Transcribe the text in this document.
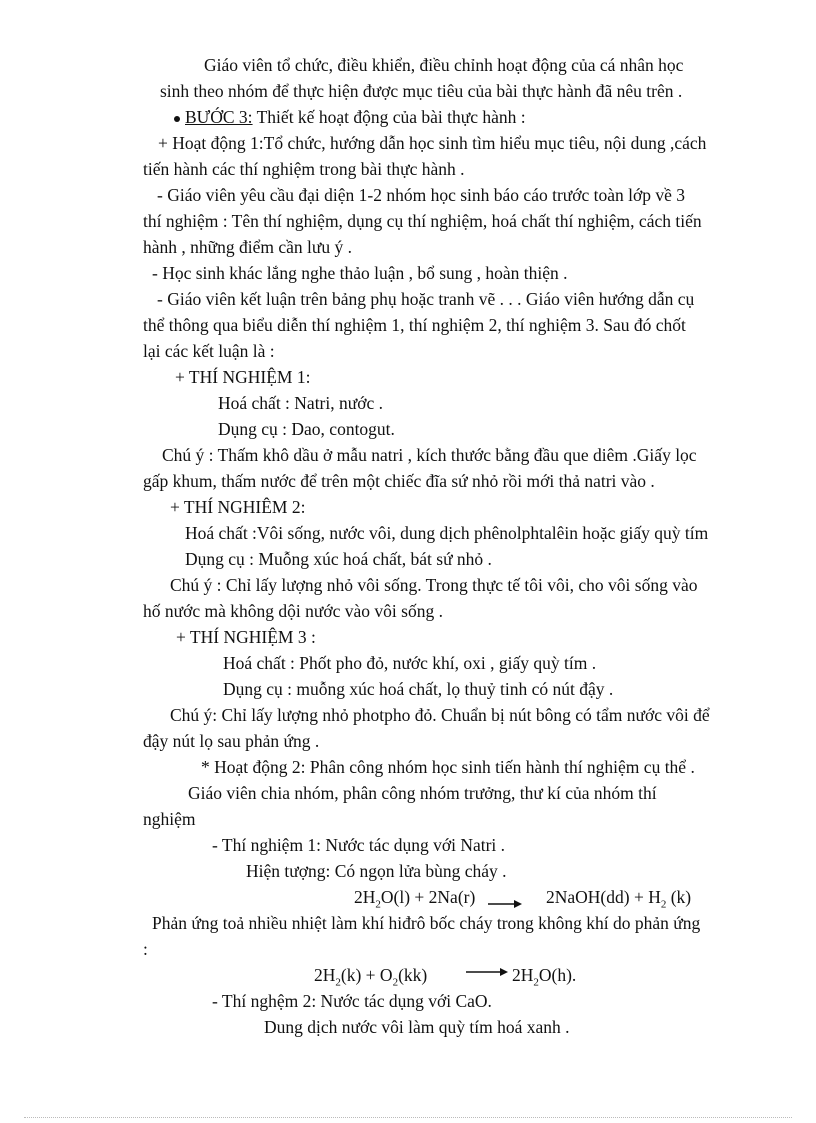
Giáo viên tổ chức, điều khiển, điều chỉnh hoạt động của cá nhân học
sinh theo nhóm để thực hiện được mục tiêu của bài thực hành đã nêu trên .
BƯỚC 3: Thiết kế hoạt động của bài thực hành :
+ Hoạt động 1:Tổ chức, hướng dẫn học sinh tìm hiểu mục tiêu, nội dung ,cách
tiến hành các thí nghiệm trong bài thực hành .
- Giáo viên yêu cầu đại diện 1-2 nhóm học sinh báo cáo trước toàn lớp về 3
thí nghiệm : Tên thí nghiệm, dụng cụ thí nghiệm, hoá chất thí nghiệm, cách tiến
hành , những điểm cần lưu ý .
- Học sinh khác lắng nghe thảo luận , bổ sung , hoàn thiện .
- Giáo viên kết luận trên bảng phụ hoặc tranh vẽ . . . Giáo viên hướng dẫn cụ
thể thông qua biểu diễn thí nghiệm 1, thí nghiệm 2, thí nghiệm 3. Sau đó chốt
lại các kết luận là :
+ THÍ NGHIỆM 1:
Hoá chất : Natri, nước .
Dụng cụ : Dao, contogut.
Chú ý : Thấm khô dầu ở mẫu natri , kích thước bằng đầu que diêm .Giấy lọc
gấp khum, thấm nước để trên một chiếc đĩa sứ nhỏ rồi mới thả natri vào .
+ THÍ NGHIÊM 2:
Hoá chất :Vôi sống, nước vôi, dung dịch phênolphtalêin hoặc giấy quỳ tím
Dụng cụ : Muỗng xúc hoá chất, bát sứ nhỏ .
Chú ý : Chỉ lấy lượng nhỏ vôi sống. Trong thực tế tôi vôi, cho vôi sống vào
hố nước mà không dội nước vào vôi sống .
+ THÍ NGHIỆM 3 :
Hoá chất : Phốt pho đỏ, nước khí, oxi , giấy quỳ tím .
Dụng cụ : muỗng xúc hoá chất, lọ thuỷ tinh có nút đậy .
Chú ý: Chỉ lấy lượng nhỏ photpho đỏ. Chuẩn bị nút bông có tẩm nước vôi để
đậy nút lọ sau phản ứng .
* Hoạt động 2: Phân công nhóm học sinh tiến hành thí nghiệm cụ thể .
Giáo viên chia nhóm, phân công nhóm trưởng, thư kí của nhóm thí
nghiệm
- Thí nghiệm 1: Nước tác dụng với Natri .
Hiện tượng: Có ngọn lửa bùng cháy .
$2H_2O(l) + 2Na(r)$ → 2NaOH(dd) + $H_2$ (k)
Phản ứng toả nhiều nhiệt làm khí hiđrô bốc cháy trong không khí do phản ứng
:
$2H_2(k) + O_2(kk) \to 2H_2O(h)$.
- Thí nghệm 2: Nước tác dụng với CaO.
Dung dịch nước vôi làm quỳ tím hoá xanh .
